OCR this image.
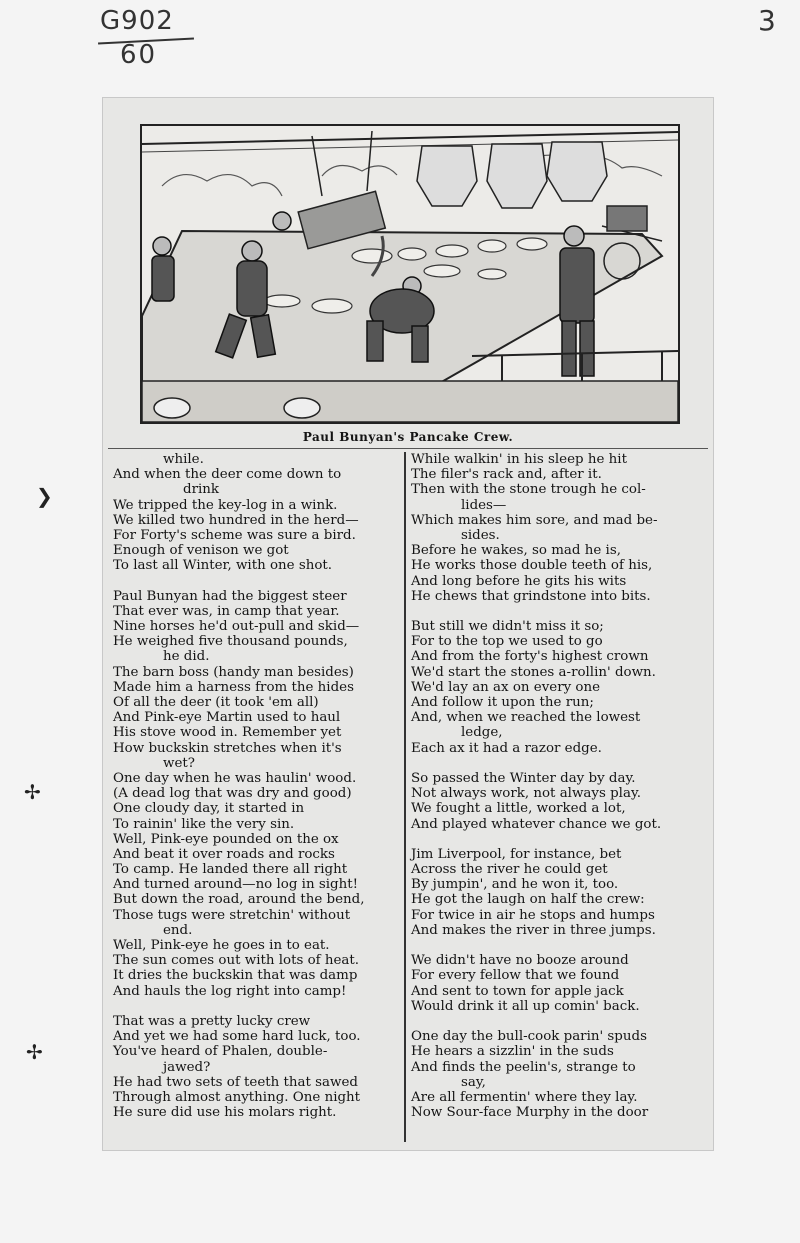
G902
60
3
❯
✢
✢
Paul Bunyan's Pancake Crew.
while.
And when the deer come down to
drink
We tripped the key-log in a wink.
We killed two hundred in the herd—
For Forty's scheme was sure a bird.
Enough of venison we got
To last all Winter, with one shot.
Paul Bunyan had the biggest steer
That ever was, in camp that year.
Nine horses he'd out-pull and skid—
He weighed five thousand pounds,
he did.
The barn boss (handy man besides)
Made him a harness from the hides
Of all the deer (it took 'em all)
And Pink-eye Martin used to haul
His stove wood in. Remember yet
How buckskin stretches when it's
wet?
One day when he was haulin' wood.
(A dead log that was dry and good)
One cloudy day, it started in
To rainin' like the very sin.
Well, Pink-eye pounded on the ox
And beat it over roads and rocks
To camp. He landed there all right
And turned around—no log in sight!
But down the road, around the bend,
Those tugs were stretchin' without
end.
Well, Pink-eye he goes in to eat.
The sun comes out with lots of heat.
It dries the buckskin that was damp
And hauls the log right into camp!
That was a pretty lucky crew
And yet we had some hard luck, too.
You've heard of Phalen, double-
jawed?
He had two sets of teeth that sawed
Through almost anything. One night
He sure did use his molars right.
While walkin' in his sleep he hit
The filer's rack and, after it.
Then with the stone trough he col-
lides—
Which makes him sore, and mad be-
sides.
Before he wakes, so mad he is,
He works those double teeth of his,
And long before he gits his wits
He chews that grindstone into bits.
But still we didn't miss it so;
For to the top we used to go
And from the forty's highest crown
We'd start the stones a-rollin' down.
We'd lay an ax on every one
And follow it upon the run;
And, when we reached the lowest
ledge,
Each ax it had a razor edge.
So passed the Winter day by day.
Not always work, not always play.
We fought a little, worked a lot,
And played whatever chance we got.
Jim Liverpool, for instance, bet
Across the river he could get
By jumpin', and he won it, too.
He got the laugh on half the crew:
For twice in air he stops and humps
And makes the river in three jumps.
We didn't have no booze around
For every fellow that we found
And sent to town for apple jack
Would drink it all up comin' back.
One day the bull-cook parin' spuds
He hears a sizzlin' in the suds
And finds the peelin's, strange to
say,
Are all fermentin' where they lay.
Now Sour-face Murphy in the door
